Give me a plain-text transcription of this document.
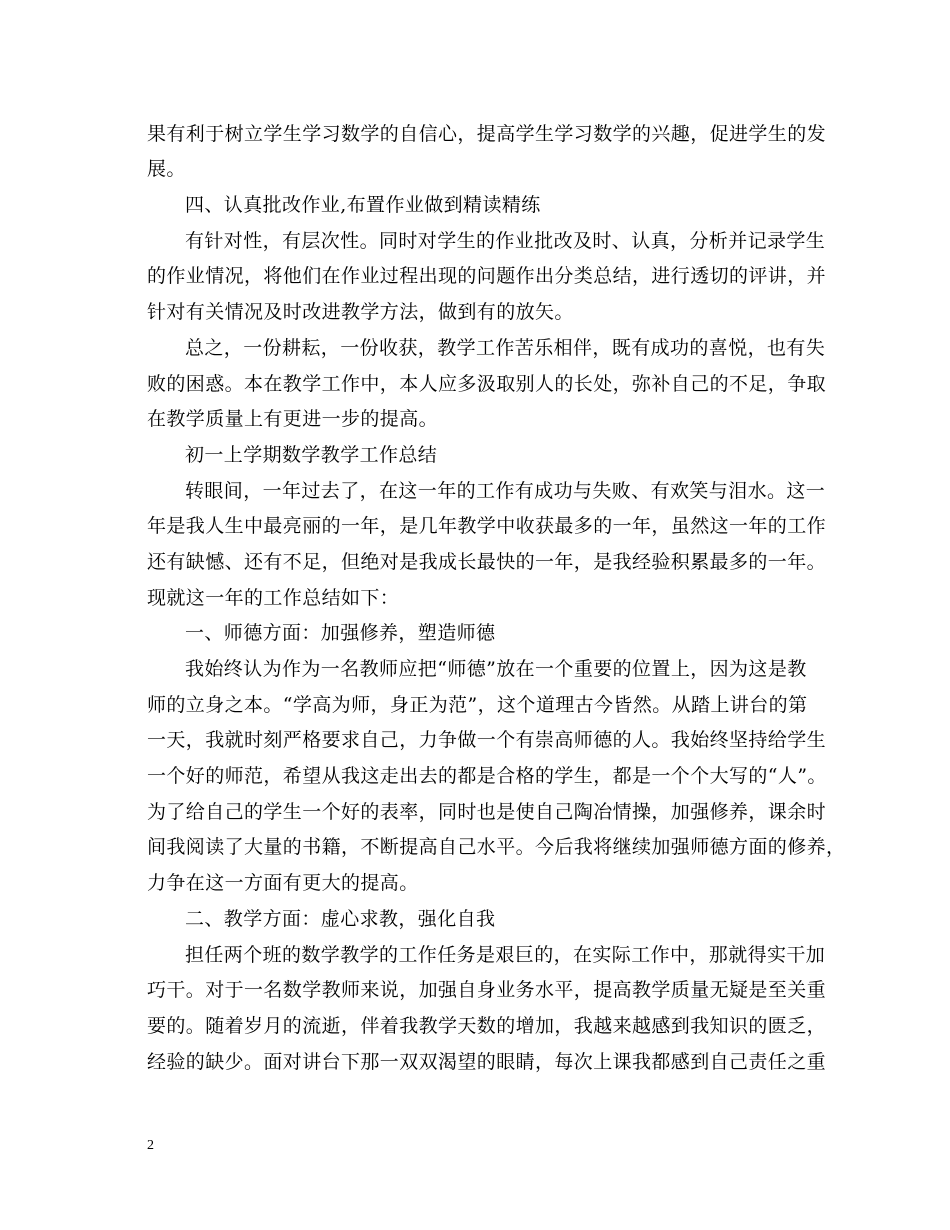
果有利于树立学生学习数学的自信心，提高学生学习数学的兴趣，促进学生的发
展。
四、认真批改作业,布置作业做到精读精练
有针对性，有层次性。同时对学生的作业批改及时、认真，分析并记录学生
的作业情况，将他们在作业过程出现的问题作出分类总结，进行透切的评讲，并
针对有关情况及时改进教学方法，做到有的放矢。
总之，一份耕耘，一份收获，教学工作苦乐相伴，既有成功的喜悦，也有失
败的困惑。本在教学工作中，本人应多汲取别人的长处，弥补自己的不足，争取
在教学质量上有更进一步的提高。
初一上学期数学教学工作总结
转眼间，一年过去了，在这一年的工作有成功与失败、有欢笑与泪水。这一
年是我人生中最亮丽的一年，是几年教学中收获最多的一年，虽然这一年的工作
还有缺憾、还有不足，但绝对是我成长最快的一年，是我经验积累最多的一年。
现就这一年的工作总结如下：
一、师德方面：加强修养，塑造师德
我始终认为作为一名教师应把“师德”放在一个重要的位置上，因为这是教
师的立身之本。“学高为师，身正为范”，这个道理古今皆然。从踏上讲台的第
一天，我就时刻严格要求自己，力争做一个有崇高师德的人。我始终坚持给学生
一个好的师范，希望从我这走出去的都是合格的学生，都是一个个大写的“人”。
为了给自己的学生一个好的表率，同时也是使自己陶冶情操，加强修养，课余时
间我阅读了大量的书籍，不断提高自己水平。今后我将继续加强师德方面的修养，
力争在这一方面有更大的提高。
二、教学方面：虚心求教，强化自我
担任两个班的数学教学的工作任务是艰巨的，在实际工作中，那就得实干加
巧干。对于一名数学教师来说，加强自身业务水平，提高教学质量无疑是至关重
要的。随着岁月的流逝，伴着我教学天数的增加，我越来越感到我知识的匮乏，
经验的缺少。面对讲台下那一双双渴望的眼睛，每次上课我都感到自己责任之重
2
